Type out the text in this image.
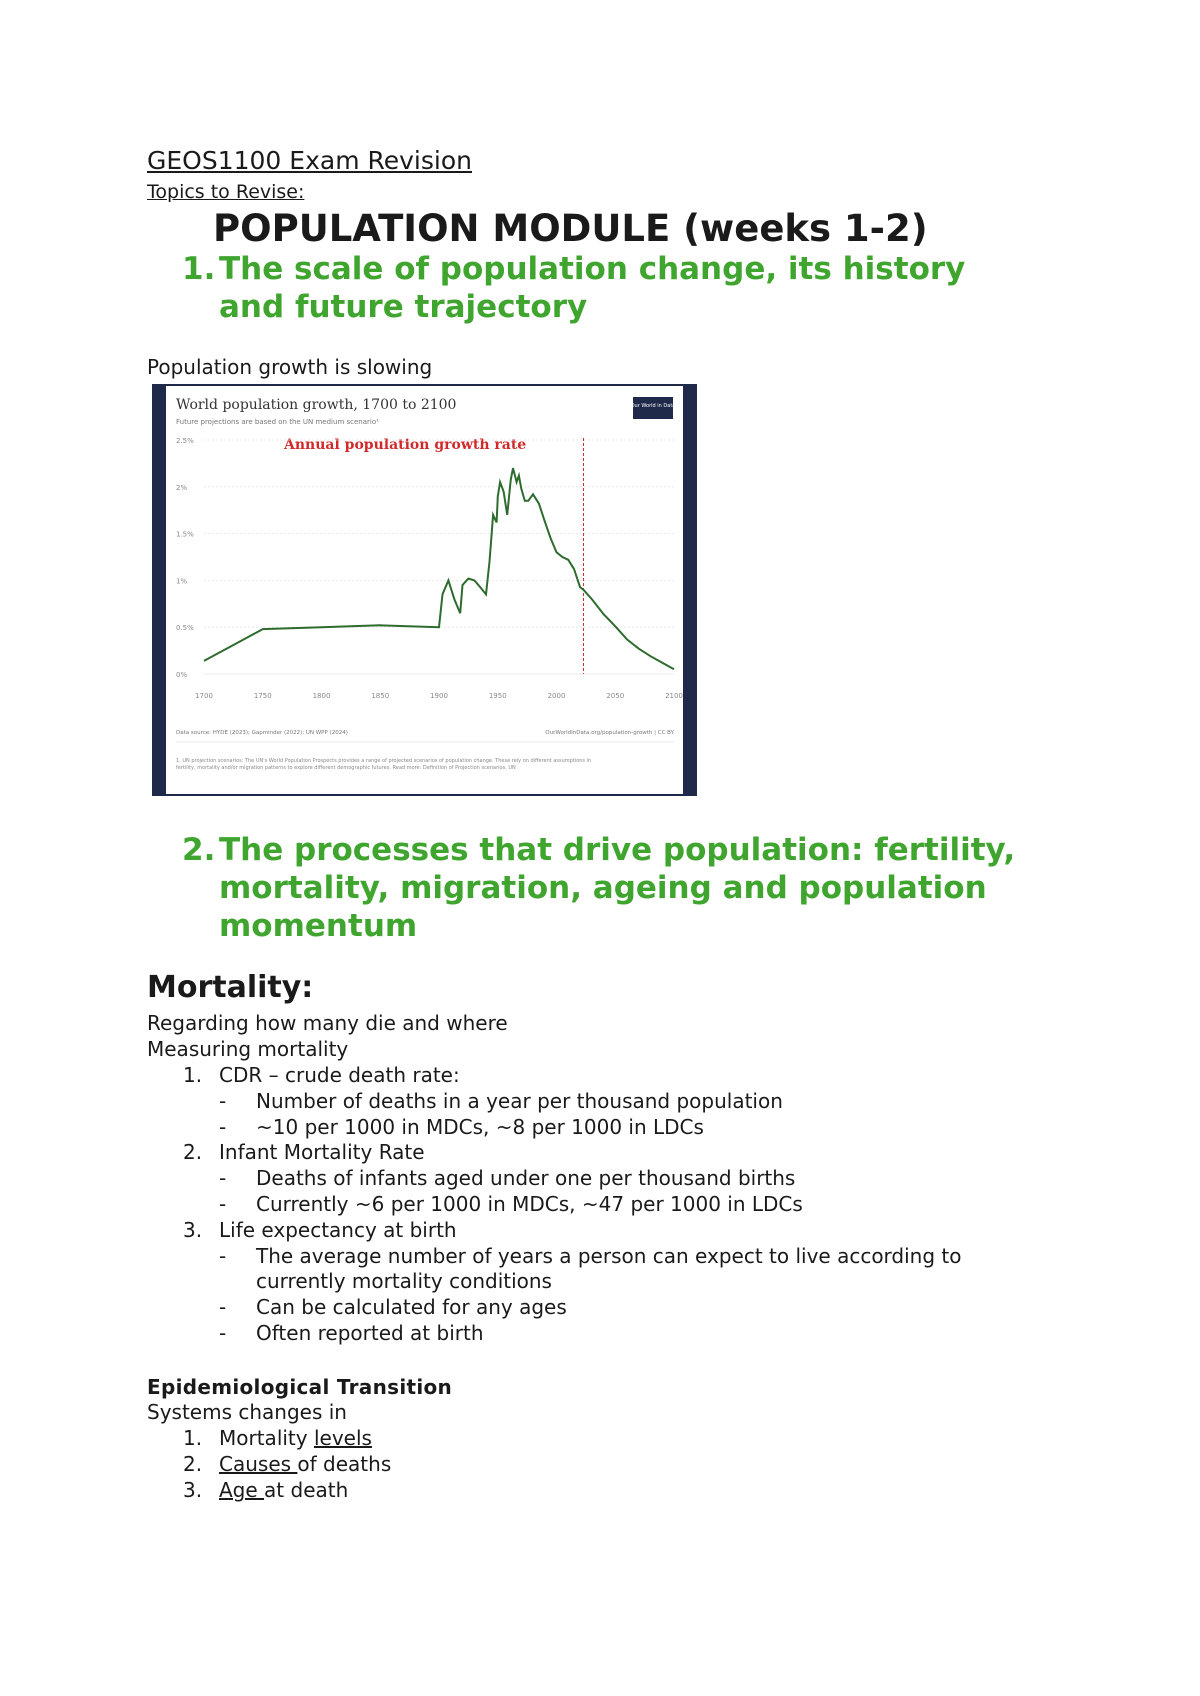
GEOS1100 Exam Revision
Topics to Revise:
POPULATION MODULE (weeks 1-2)
1. The scale of population change, its history
and future trajectory
Population growth is slowing
World population growth, 1700 to 2100
Future projections are based on the UN medium scenario¹
Our World in Data
Annual population growth rate
0%
0.5%
1%
1.5%
2%
2.5%
1700	1750	1800	1850	1900	1950	2000	2050	2100
Data source: HYDE (2023); Gapminder (2022); UN WPP (2024)	OurWorldInData.org/population-growth | CC BY
1. UN projection scenarios: The UN's World Population Prospects provides a range of projected scenarios of population change. These rely on different assumptions in fertility, mortality and/or migration patterns to explore different demographic futures. Read more: Definition of Projection scenarios, UN
2. The processes that drive population: fertility,
mortality, migration, ageing and population
momentum
Mortality:
Regarding how many die and where
Measuring mortality
1. CDR – crude death rate:
- Number of deaths in a year per thousand population
- ~10 per 1000 in MDCs, ~8 per 1000 in LDCs
2. Infant Mortality Rate
- Deaths of infants aged under one per thousand births
- Currently ~6 per 1000 in MDCs, ~47 per 1000 in LDCs
3. Life expectancy at birth
- The average number of years a person can expect to live according to
currently mortality conditions
- Can be calculated for any ages
- Often reported at birth
Epidemiological Transition
Systems changes in
1. Mortality levels
2. Causes of deaths
3. Age at death
